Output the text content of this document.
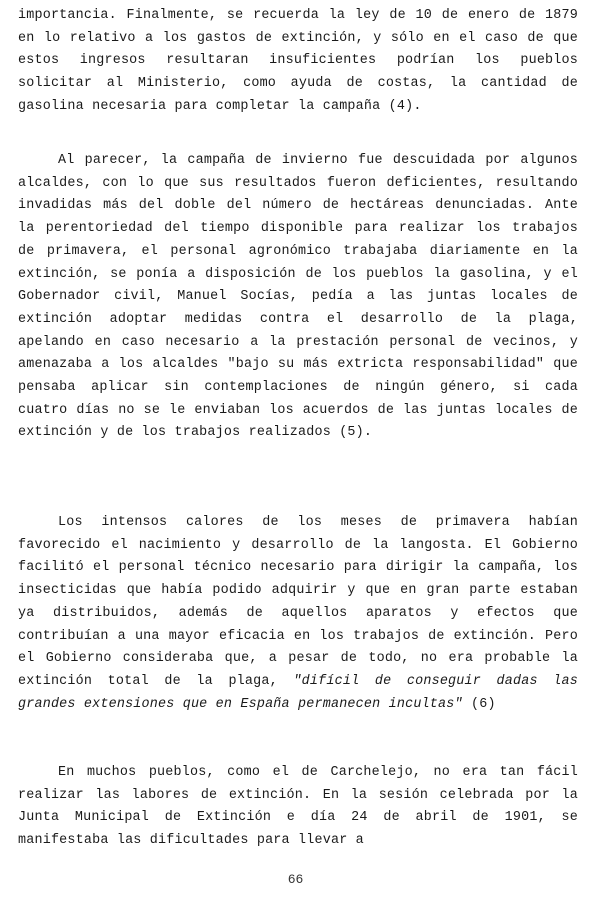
importancia. Finalmente, se recuerda la ley de 10 de enero de 1879 en lo relativo a los gastos de extinción, y sólo en el caso de que estos ingresos resultaran insuficientes podrían los pueblos solicitar al Ministerio, como ayuda de costas, la cantidad de gasolina necesaria para completar la campaña (4).

Al parecer, la campaña de invierno fue descuidada por algunos alcaldes, con lo que sus resultados fueron deficientes, resultando invadidas más del doble del número de hectáreas denunciadas. Ante la perentoriedad del tiempo disponible para realizar los trabajos de primavera, el personal agronómico trabajaba diariamente en la extinción, se ponía a disposición de los pueblos la gasolina, y el Gobernador civil, Manuel Socías, pedía a las juntas locales de extinción adoptar medidas contra el desarrollo de la plaga, apelando en caso necesario a la prestación personal de vecinos, y amenazaba a los alcaldes "bajo su más extricta responsabilidad" que pensaba aplicar sin contemplaciones de ningún género, si cada cuatro días no se le enviaban los acuerdos de las juntas locales de extinción y de los trabajos realizados (5).

Los intensos calores de los meses de primavera habían favorecido el nacimiento y desarrollo de la langosta. El Gobierno facilitó el personal técnico necesario para dirigir la campaña, los insecticidas que había podido adquirir y que en gran parte estaban ya distribuidos, además de aquellos aparatos y efectos que contribuían a una mayor eficacia en los trabajos de extinción. Pero el Gobierno consideraba que, a pesar de todo, no era probable la extinción total de la plaga, "difícil de conseguir dadas las grandes extensiones que en España permanecen incultas" (6)

En muchos pueblos, como el de Carchelejo, no era tan fácil realizar las labores de extinción. En la sesión celebrada por la Junta Municipal de Extinción e día 24 de abril de 1901, se manifestaba las dificultades para llevar a

66
